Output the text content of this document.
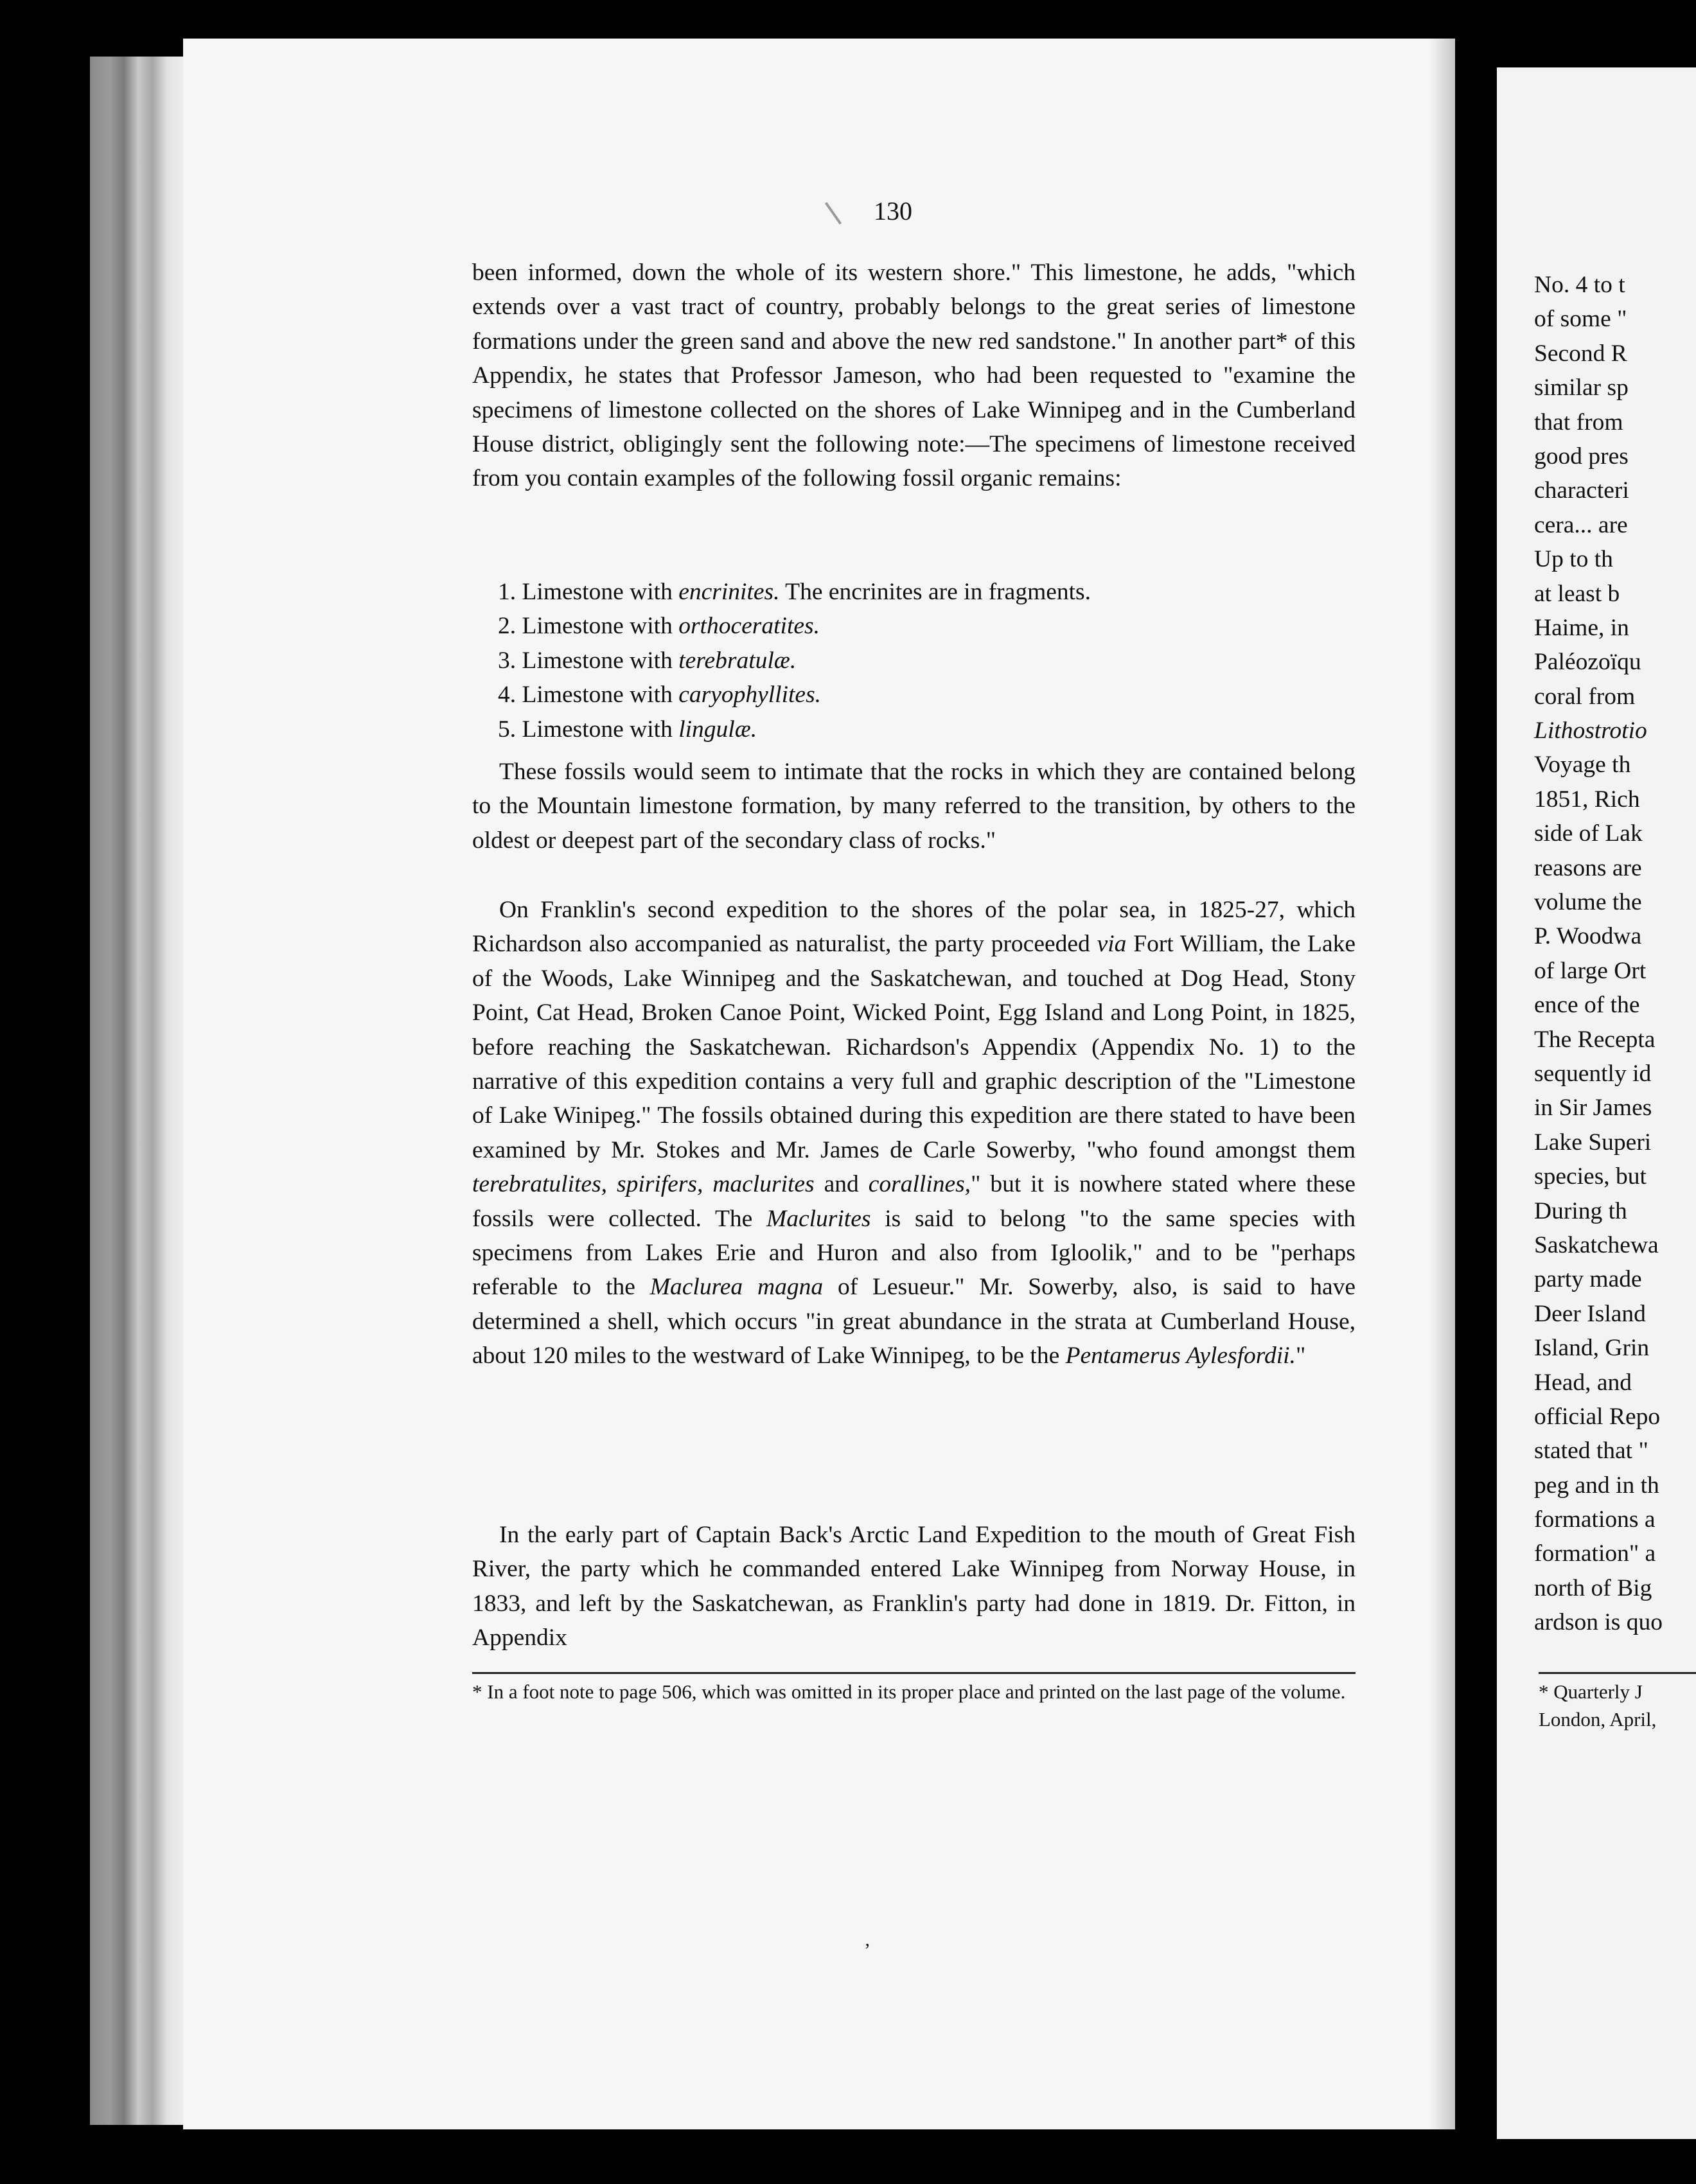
130

been informed, down the whole of its western shore." This limestone, he adds, "which extends over a vast tract of country, probably belongs to the great series of limestone formations under the green sand and above the new red sandstone." In another part* of this Appendix, he states that Professor Jameson, who had been requested to "examine the specimens of limestone collected on the shores of Lake Winnipeg and in the Cumberland House district, obligingly sent the following note:—The specimens of limestone received from you contain examples of the following fossil organic remains:

1. Limestone with encrinites. The encrinites are in fragments.
2. Limestone with orthoceratites.
3. Limestone with terebratulæ.
4. Limestone with caryophyllites.
5. Limestone with lingulæ.

These fossils would seem to intimate that the rocks in which they are contained belong to the Mountain limestone formation, by many referred to the transition, by others to the oldest or deepest part of the secondary class of rocks."

On Franklin's second expedition to the shores of the polar sea, in 1825-27, which Richardson also accompanied as naturalist, the party proceeded via Fort William, the Lake of the Woods, Lake Winnipeg and the Saskatchewan, and touched at Dog Head, Stony Point, Cat Head, Broken Canoe Point, Wicked Point, Egg Island and Long Point, in 1825, before reaching the Saskatchewan. Richardson's Appendix (Appendix No. 1) to the narrative of this expedition contains a very full and graphic description of the "Limestone of Lake Winipeg." The fossils obtained during this expedition are there stated to have been examined by Mr. Stokes and Mr. James de Carle Sowerby, "who found amongst them terebratulites, spirifers, maclurites and corallines," but it is nowhere stated where these fossils were collected. The Maclurites is said to belong "to the same species with specimens from Lakes Erie and Huron and also from Igloolik," and to be "perhaps referable to the Maclurea magna of Lesueur." Mr. Sowerby, also, is said to have determined a shell, which occurs "in great abundance in the strata at Cumberland House, about 120 miles to the westward of Lake Winnipeg, to be the Pentamerus Aylesfordii."

In the early part of Captain Back's Arctic Land Expedition to the mouth of Great Fish River, the party which he commanded entered Lake Winnipeg from Norway House, in 1833, and left by the Saskatchewan, as Franklin's party had done in 1819. Dr. Fitton, in Appendix

* In a foot note to page 506, which was omitted in its proper place and printed on the last page of the volume.

ʼ
No. 4 to t
of some "
Second R
similar sp
that from
good pres
characteri
cera... are
Up to th
at least b
Haime, in
Paléozoïqu
coral from
Lithostrotio
Voyage th
1851, Rich
side of Lak
reasons are
volume the
P. Woodwa
of large Ort
ence of the
The Recepta
sequently id
in Sir James
Lake Superi
species, but
During th
Saskatchewa
party made
Deer Island
Island, Grin
Head, and
official Repo
stated that "
peg and in th
formations a
formation" a
north of Big
ardson is quo
* Quarterly J
London, April,
